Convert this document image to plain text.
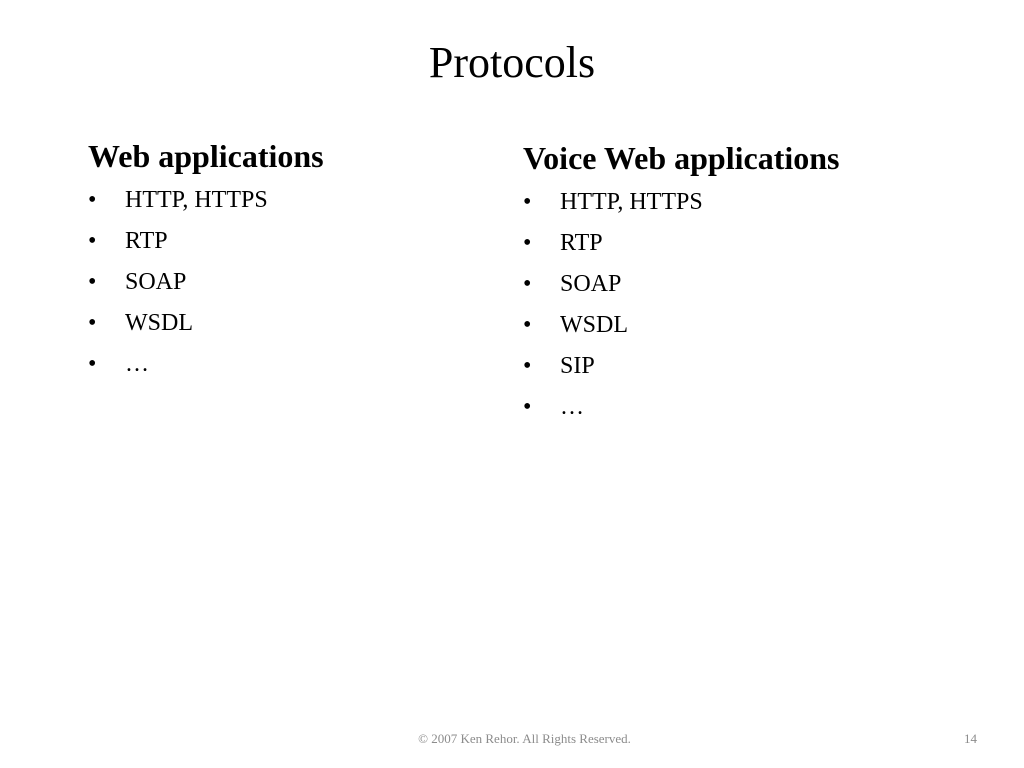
Protocols
Web applications
•	HTTP, HTTPS
•	RTP
•	SOAP
•	WSDL
•	…
Voice Web applications
•	HTTP, HTTPS
•	RTP
•	SOAP
•	WSDL
•	SIP
•	…
© 2007 Ken Rehor. All Rights Reserved.	14
